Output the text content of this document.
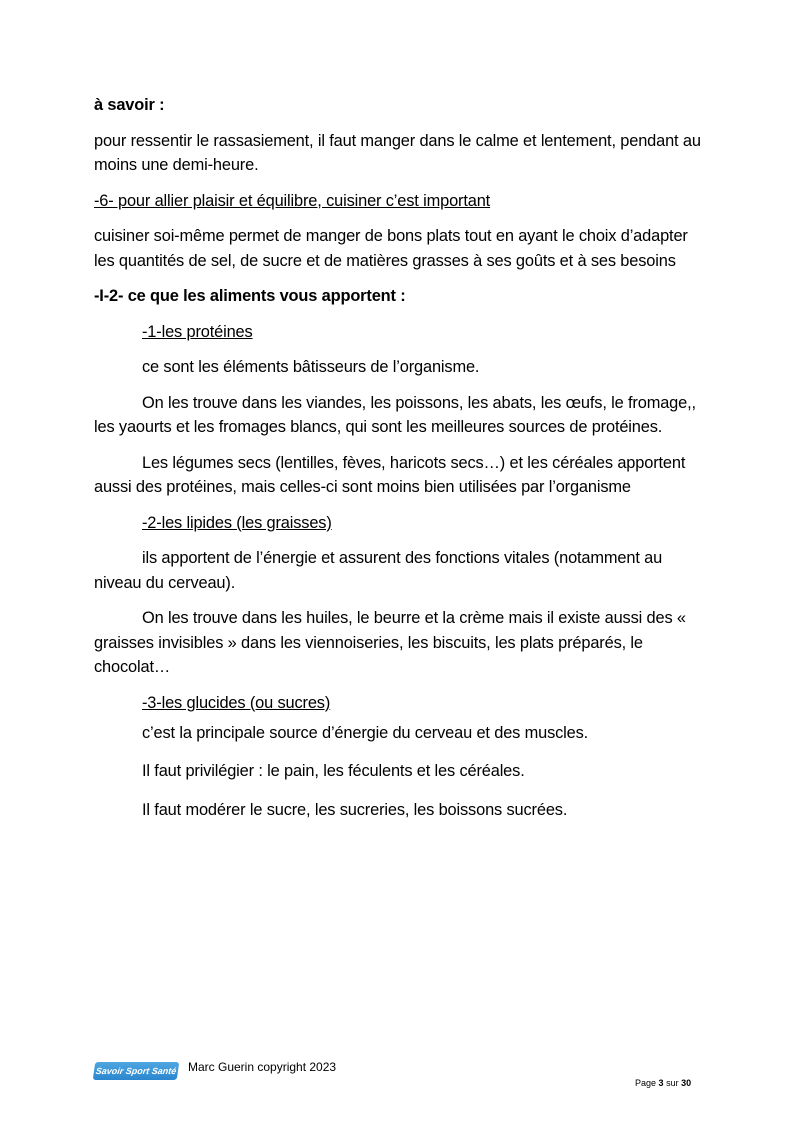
à savoir :

pour ressentir le rassasiement, il faut manger dans le calme et lentement, pendant au moins une demi-heure.

-6- pour allier plaisir et équilibre, cuisiner c’est important

cuisiner soi-même permet de manger de bons plats tout en ayant le choix d’adapter les quantités de sel, de sucre et de matières grasses à ses goûts et à ses besoins

-I-2- ce que les aliments vous apportent :

-1-les protéines

ce sont les éléments bâtisseurs de l’organisme.

On les trouve dans les viandes, les poissons, les abats, les œufs, le fromage,, les yaourts et les fromages blancs, qui sont les meilleures sources de protéines.

Les légumes secs (lentilles, fèves, haricots secs…) et les céréales apportent aussi des protéines, mais celles-ci sont moins bien utilisées par l’organisme

-2-les lipides (les graisses)

ils apportent de l’énergie et assurent des fonctions vitales (notamment au niveau du cerveau).

On les trouve dans les huiles, le beurre et la crème mais il existe aussi des « graisses invisibles » dans les viennoiseries, les biscuits, les plats préparés, le chocolat…

-3-les glucides (ou sucres)

c’est la principale source d’énergie du cerveau et des muscles.

Il faut privilégier : le pain, les féculents et les céréales.

Il faut modérer le sucre, les sucreries, les boissons sucrées.

Savoir Sport Santé Marc Guerin copyright 2023
Page 3 sur 30
